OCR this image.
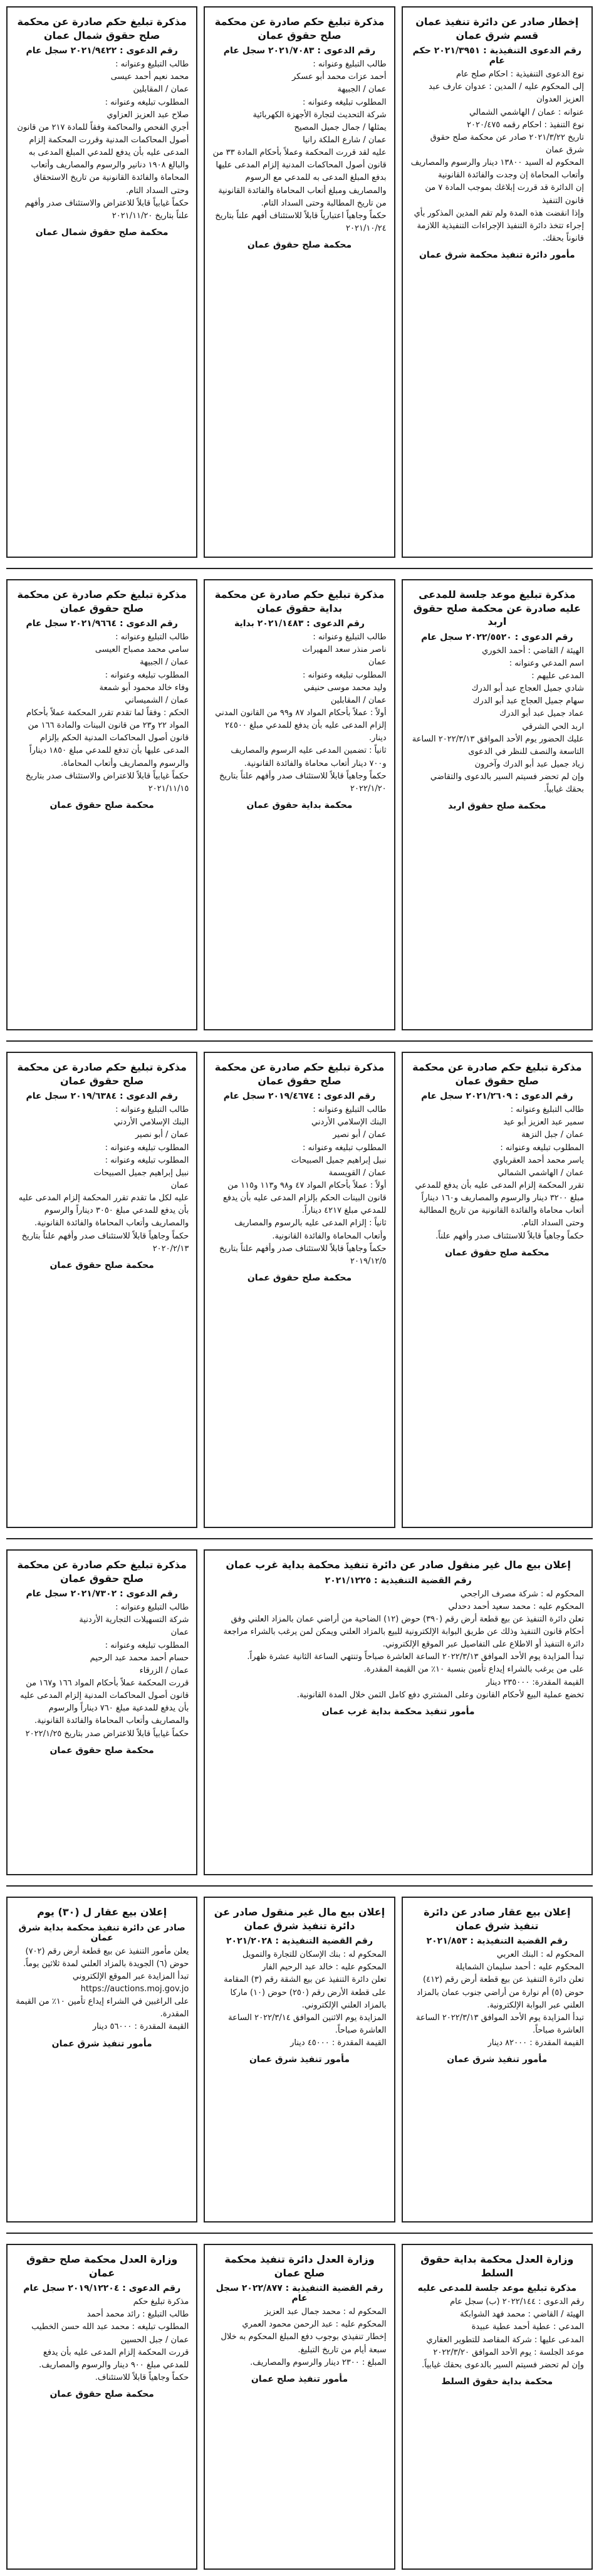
إخطار صادر عن دائرة تنفيذ عمان قسم شرق عمان
رقم الدعوى التنفيذية : ٢٠٢١/٣٩٥١ حكم عام
نوع الدعوى التنفيذية : احكام صلح عام
إلى المحكوم عليه / المدين : عدوان عارف عبد العزيز العدوان
عنوانه : عمان / الهاشمي الشمالي
نوع التنفيذ : احكام رقمه ٢٠٢٠/٤٧٥
تاريخ ٢٠٢١/٣/٢٢ صادر عن محكمة صلح حقوق شرق عمان
المحكوم له السيد ١٣٨٠٠ دينار والرسوم والمصاريف وأتعاب المحاماة إن وجدت والفائدة القانونية
إن الدائرة قد قررت إبلاغك بموجب المادة ٧ من قانون التنفيذ
وإذا انقضت هذه المدة ولم تقم المدين المذكور بأي إجراء تتخذ دائرة التنفيذ الإجراءات التنفيذية اللازمة قانوناً بحقك.
مأمور دائرة تنفيذ محكمة شرق عمان
مذكرة تبليغ حكم صادرة عن محكمة صلح حقوق عمان
رقم الدعوى : ٢٠٢١/٧٠٨٣ سجل عام
طالب التبليغ وعنوانه :
أحمد عزات محمد أبو عسكر
عمان / الجبيهة
المطلوب تبليغه وعنوانه :
شركة التحديث لتجارة الأجهزة الكهربائية
يمثلها / جمال جميل المصيح
عمان / شارع الملكة رانيا
عليه لقد قررت المحكمة وعملاً بأحكام المادة ٣٣ من قانون أصول المحاكمات المدنية إلزام المدعى عليها بدفع المبلغ المدعى به للمدعي مع الرسوم والمصاريف ومبلغ أتعاب المحاماة والفائدة القانونية من تاريخ المطالبة وحتى السداد التام.
حكماً وجاهياً اعتبارياً قابلاً للاستئناف أفهم علناً بتاريخ ٢٠٢١/١٠/٢٤
محكمة صلح حقوق عمان
مذكرة تبليغ حكم صادرة عن محكمة صلح حقوق شمال عمان
رقم الدعوى : ٢٠٢١/٩٤٢٢ سجل عام
طالب التبليغ وعنوانه :
محمد نعيم أحمد عيسى
عمان / المقابلين
المطلوب تبليغه وعنوانه :
صلاح عبد العزيز العزاوي
أجري الفحص والمحاكمة وفقاً للمادة ٢١٧ من قانون أصول المحاكمات المدنية وقررت المحكمة إلزام المدعى عليه بأن يدفع للمدعي المبلغ المدعى به والبالغ ١٩٠٨ دنانير والرسوم والمصاريف وأتعاب المحاماة والفائدة القانونية من تاريخ الاستحقاق وحتى السداد التام.
حكماً غيابياً قابلاً للاعتراض والاستئناف صدر وأفهم علناً بتاريخ ٢٠٢١/١١/٢٠
محكمة صلح حقوق شمال عمان
مذكرة تبليغ موعد جلسة للمدعى عليه صادرة عن محكمة صلح حقوق اربد
رقم الدعوى : ٢٠٢٢/٥٥٢٠ سجل عام
الهيئة / القاضي : أحمد الخوري
اسم المدعي وعنوانه :
المدعى عليهم :
شادي جميل العجاج عبد أبو الدرك
سهام جميل العجاج عبد أبو الدرك
عماد جميل عبد أبو الدرك
اربد الحي الشرقي
عليك الحضور يوم الأحد الموافق ٢٠٢٢/٣/١٣ الساعة التاسعة والنصف للنظر في الدعوى
زياد جميل عبد أبو الدرك وآخرون
وإن لم تحضر فسيتم السير بالدعوى والتقاضي بحقك غيابياً.
محكمة صلح حقوق اربد
مذكرة تبليغ حكم صادرة عن محكمة بداية حقوق عمان
رقم الدعوى : ٢٠٢١/١٤٨٣ بداية
طالب التبليغ وعنوانه :
ناصر منذر سعد المهيرات
عمان
المطلوب تبليغه وعنوانه :
وليد محمد موسى حنيفي
عمان / المقابلين
أولاً : عملاً بأحكام المواد ٨٧ و٩٩ من القانون المدني إلزام المدعى عليه بأن يدفع للمدعي مبلغ ٢٤٥٠٠ دينار.
ثانياً : تضمين المدعى عليه الرسوم والمصاريف و٧٠٠ دينار أتعاب محاماة والفائدة القانونية.
حكماً وجاهياً قابلاً للاستئناف صدر وأفهم علناً بتاريخ ٢٠٢٢/١/٢٠
محكمة بداية حقوق عمان
مذكرة تبليغ حكم صادرة عن محكمة صلح حقوق عمان
رقم الدعوى : ٢٠٢١/٩٦٦٤ سجل عام
طالب التبليغ وعنوانه :
سامي محمد مصباح العيسى
عمان / الجبيهة
المطلوب تبليغه وعنوانه :
وفاء خالد محمود أبو شمعة
عمان / الشميساني
الحكم : وفقاً لما تقدم تقرر المحكمة عملاً بأحكام المواد ٢٢ و٢٣ من قانون البينات والمادة ١٦٦ من قانون أصول المحاكمات المدنية الحكم بإلزام المدعى عليها بأن تدفع للمدعي مبلغ ١٨٥٠ ديناراً والرسوم والمصاريف وأتعاب المحاماة.
حكماً غيابياً قابلاً للاعتراض والاستئناف صدر بتاريخ ٢٠٢١/١١/١٥
محكمة صلح حقوق عمان
مذكرة تبليغ حكم صادرة عن محكمة صلح حقوق عمان
رقم الدعوى : ٢٠٢١/٢٦٠٩ سجل عام
طالب التبليغ وعنوانه :
سمير عبد العزيز أبو عيد
عمان / جبل النزهة
المطلوب تبليغه وعنوانه :
ياسر محمد أحمد العقرباوي
عمان / الهاشمي الشمالي
تقرر المحكمة إلزام المدعى عليه بأن يدفع للمدعي مبلغ ٣٢٠٠ دينار والرسوم والمصاريف و١٦٠ ديناراً أتعاب محاماة والفائدة القانونية من تاريخ المطالبة وحتى السداد التام.
حكماً وجاهياً قابلاً للاستئناف صدر وأفهم علناً.
محكمة صلح حقوق عمان
مذكرة تبليغ حكم صادرة عن محكمة صلح حقوق عمان
رقم الدعوى : ٢٠١٩/٤٦٧٤ سجل عام
طالب التبليغ وعنوانه :
البنك الإسلامي الأردني
عمان / أبو نصير
المطلوب تبليغه وعنوانه :
نبيل إبراهيم جميل الصبيحات
عمان / القويسمة
أولاً : عملاً بأحكام المواد ٤٧ و٩٨ و١١٣ و١١٥ من قانون البينات الحكم بإلزام المدعى عليه بأن يدفع للمدعي مبلغ ٤٢١٧ ديناراً.
ثانياً : إلزام المدعى عليه بالرسوم والمصاريف وأتعاب المحاماة والفائدة القانونية.
حكماً وجاهياً قابلاً للاستئناف صدر وأفهم علناً بتاريخ ٢٠١٩/١٢/٥
محكمة صلح حقوق عمان
مذكرة تبليغ حكم صادرة عن محكمة صلح حقوق عمان
رقم الدعوى : ٢٠١٩/٦٣٨٤ سجل عام
طالب التبليغ وعنوانه :
البنك الإسلامي الأردني
عمان / أبو نصير
المطلوب تبليغه وعنوانه :
المطلوب تبليغه وعنوانه :
نبيل إبراهيم جميل الصبيحات
عمان
عليه لكل ما تقدم تقرر المحكمة إلزام المدعى عليه بأن يدفع للمدعي مبلغ ٣٠٥٠ ديناراً والرسوم والمصاريف وأتعاب المحاماة والفائدة القانونية.
حكماً وجاهياً قابلاً للاستئناف صدر وأفهم علناً بتاريخ ٢٠٢٠/٢/١٣
محكمة صلح حقوق عمان
إعلان بيع مال غير منقول صادر عن دائرة تنفيذ محكمة بداية غرب عمان
رقم القضية التنفيذية : ٢٠٢١/١٢٢٥
المحكوم له : شركة مصرف الراجحي
المحكوم عليه : محمد سعيد أحمد دحدلي
تعلن دائرة التنفيذ عن بيع قطعة أرض رقم (٣٩٠) حوض (١٢) الضاحية من أراضي عمان بالمزاد العلني وفق أحكام قانون التنفيذ وذلك عن طريق البوابة الإلكترونية للبيع بالمزاد العلني ويمكن لمن يرغب بالشراء مراجعة دائرة التنفيذ أو الاطلاع على التفاصيل عبر الموقع الإلكتروني.
تبدأ المزايدة يوم الأحد الموافق ٢٠٢٢/٣/١٣ الساعة العاشرة صباحاً وتنتهي الساعة الثانية عشرة ظهراً.
على من يرغب بالشراء إيداع تأمين بنسبة ١٠٪ من القيمة المقدرة.
القيمة المقدرة: ٢٣٥٠٠٠ دينار
تخضع عملية البيع لأحكام القانون وعلى المشتري دفع كامل الثمن خلال المدة القانونية.
مأمور تنفيذ محكمة بداية غرب عمان
مذكرة تبليغ حكم صادرة عن محكمة صلح حقوق عمان
رقم الدعوى : ٢٠٢١/٧٣٠٢ سجل عام
طالب التبليغ وعنوانه :
شركة التسهيلات التجارية الأردنية
عمان
المطلوب تبليغه وعنوانه :
حسام أحمد محمد عبد الرحيم
عمان / الزرقاء
قررت المحكمة عملاً بأحكام المواد ١٦٦ و١٦٧ من قانون أصول المحاكمات المدنية إلزام المدعى عليه بأن يدفع للمدعية مبلغ ٧٦٠ ديناراً والرسوم والمصاريف وأتعاب المحاماة والفائدة القانونية.
حكماً غيابياً قابلاً للاعتراض صدر بتاريخ ٢٠٢٢/١/٢٥
محكمة صلح حقوق عمان
إعلان بيع عقار صادر عن دائرة تنفيذ شرق عمان
رقم القضية التنفيذية : ٢٠٢١/٨٥٣
المحكوم له : البنك العربي
المحكوم عليه : أحمد سليمان الشمايلة
تعلن دائرة التنفيذ عن بيع قطعة أرض رقم (٤١٢) حوض (٥) أم نوارة من أراضي جنوب عمان بالمزاد العلني عبر البوابة الإلكترونية.
تبدأ المزايدة يوم الأحد الموافق ٢٠٢٢/٣/١٣ الساعة العاشرة صباحاً.
القيمة المقدرة : ٨٢٠٠٠ دينار
مأمور تنفيذ شرق عمان
إعلان بيع مال غير منقول صادر عن دائرة تنفيذ شرق عمان
رقم القضية التنفيذية : ٢٠٢١/٢٠٢٨
المحكوم له : بنك الإسكان للتجارة والتمويل
المحكوم عليه : خالد عبد الرحيم الفار
تعلن دائرة التنفيذ عن بيع الشقة رقم (٣) المقامة على قطعة الأرض رقم (٢٥٠) حوض (١٠) ماركا بالمزاد العلني الإلكتروني.
المزايدة يوم الاثنين الموافق ٢٠٢٢/٣/١٤ الساعة العاشرة صباحاً.
القيمة المقدرة : ٤٥٠٠٠ دينار
مأمور تنفيذ شرق عمان
إعلان بيع عقار ل (٣٠) يوم
صادر عن دائرة تنفيذ محكمة بداية شرق عمان
يعلن مأمور التنفيذ عن بيع قطعة أرض رقم (٧٠٢) حوض (٦) الجويدة بالمزاد العلني لمدة ثلاثين يوماً.
تبدأ المزايدة عبر الموقع الإلكتروني https://auctions.moj.gov.jo
على الراغبين في الشراء إيداع تأمين ١٠٪ من القيمة المقدرة.
القيمة المقدرة : ٥٦٠٠٠ دينار
مأمور تنفيذ شرق عمان
وزارة العدل محكمة بداية حقوق السلط
مذكرة تبليغ موعد جلسة للمدعى عليه
رقم الدعوى : ٢٠٢٢/١٤٤ (ب) سجل عام
الهيئة / القاضي : محمد فهد الشوابكة
المدعي : عطية أحمد عطية عبيدة
المدعى عليها : شركة المقاصد للتطوير العقاري
موعد الجلسة : يوم الأحد الموافق ٢٠٢٢/٣/٢٠
وإن لم تحضر فسيتم السير بالدعوى بحقك غيابياً.
محكمة بداية حقوق السلط
وزارة العدل دائرة تنفيذ محكمة صلح عمان
رقم القضية التنفيذية : ٢٠٢٢/٨٧٧ سجل عام
المحكوم له : محمد جمال عبد العزيز
المحكوم عليه : عبد الرحمن محمود العمري
إخطار تنفيذي بوجوب دفع المبلغ المحكوم به خلال سبعة أيام من تاريخ التبليغ.
المبلغ : ٢٣٠٠ دينار والرسوم والمصاريف.
مأمور تنفيذ صلح عمان
وزارة العدل محكمة صلح حقوق عمان
رقم الدعوى : ٢٠١٩/١٢٢٠٤ سجل عام
مذكرة تبليغ حكم
طالب التبليغ : رائد محمد أحمد
المطلوب تبليغه : محمد عبد الله حسن الخطيب
عمان / جبل الحسين
قررت المحكمة إلزام المدعى عليه بأن يدفع للمدعي مبلغ ٩٠٠ دينار والرسوم والمصاريف.
حكماً وجاهياً قابلاً للاستئناف.
محكمة صلح حقوق عمان
